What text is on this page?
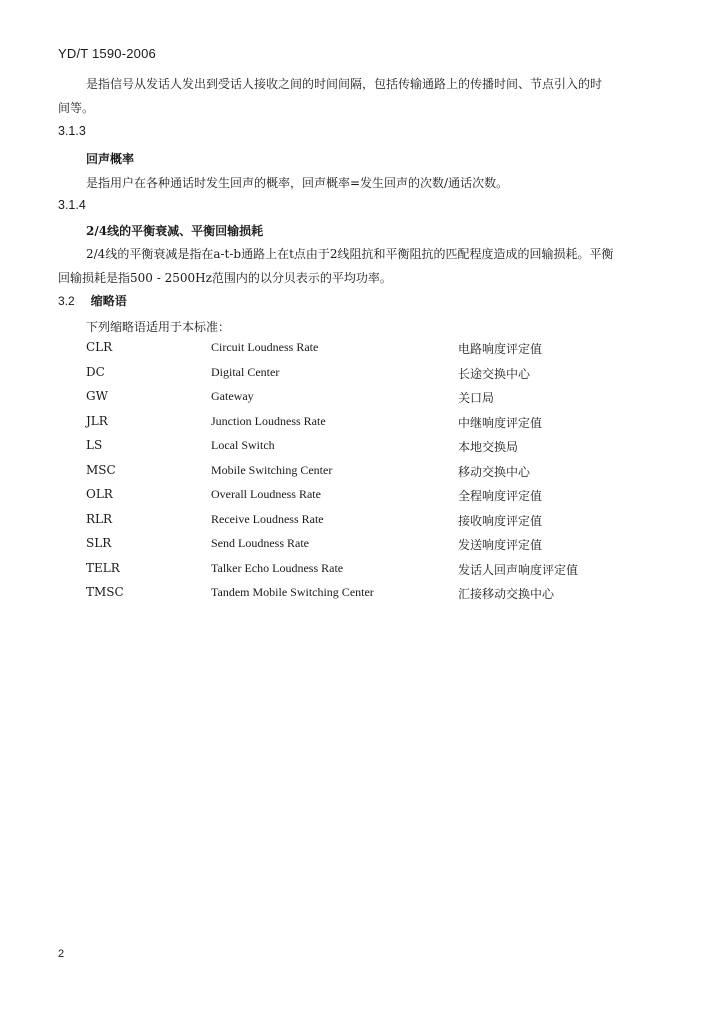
YD/T 1590-2006

是指信号从发话人发出到受话人接收之间的时间间隔，包括传输通路上的传播时间、节点引入的时
间等。

3.1.3
回声概率
是指用户在各种通话时发生回声的概率，回声概率=发生回声的次数/通话次数。
3.1.4
2/4线的平衡衰减、平衡回输损耗

2/4线的平衡衰减是指在a-t-b通路上在t点由于2线阻抗和平衡阻抗的匹配程度造成的回输损耗。平衡
回输损耗是指500 - 2500Hz范围内的以分贝表示的平均功率。

3.2 缩略语
下列缩略语适用于本标准：
CLR	Circuit Loudness Rate	电路响度评定值
DC	Digital Center	长途交换中心
GW	Gateway	关口局
JLR	Junction Loudness Rate	中继响度评定值
LS	Local Switch	本地交换局
MSC	Mobile Switching Center	移动交换中心
OLR	Overall Loudness Rate	全程响度评定值
RLR	Receive Loudness Rate	接收响度评定值
SLR	Send Loudness Rate	发送响度评定值
TELR	Talker Echo Loudness Rate	发话人回声响度评定值
TMSC	Tandem Mobile Switching Center	汇接移动交换中心
2
